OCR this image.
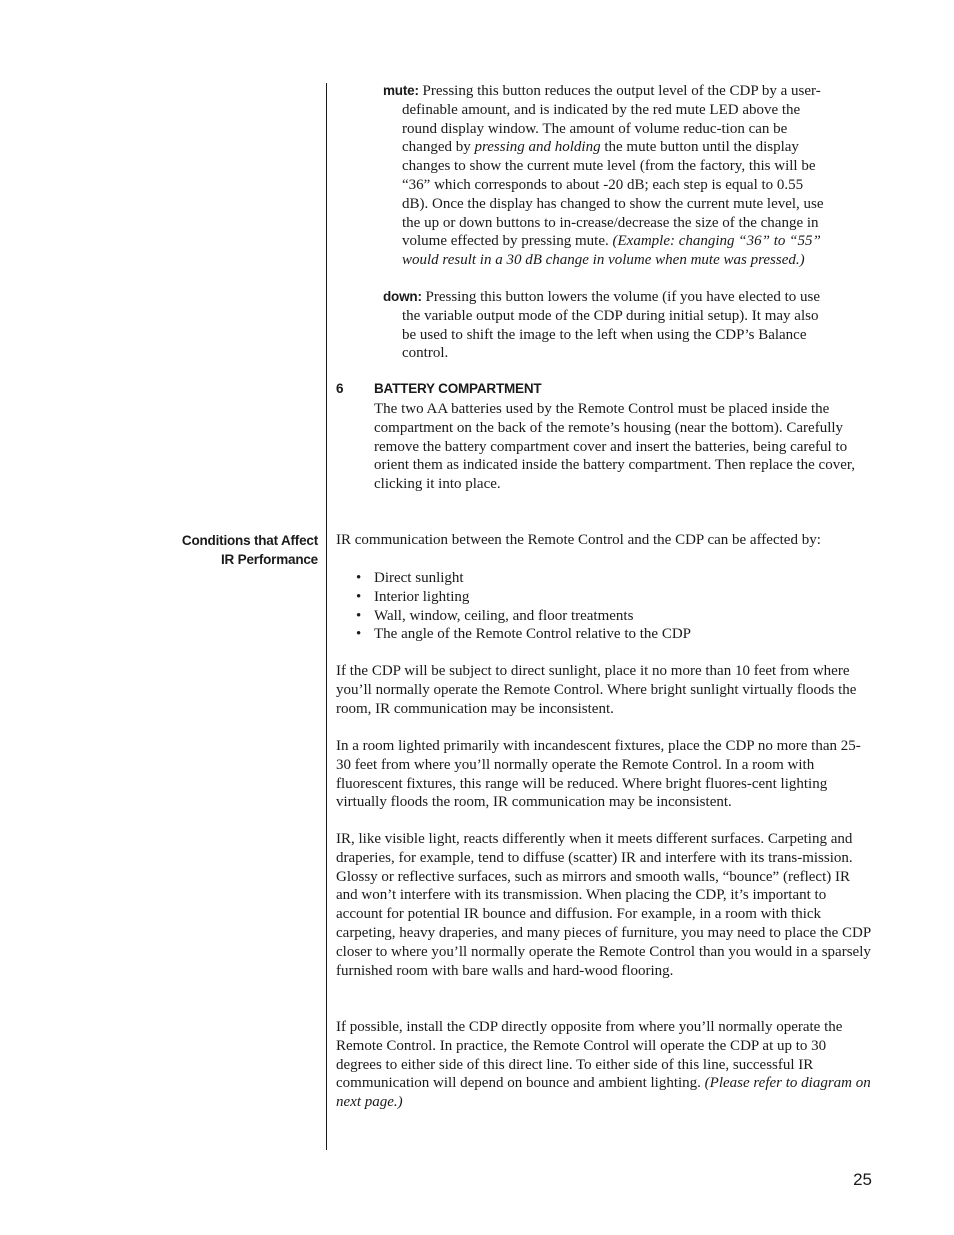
mute: Pressing this button reduces the output level of the CDP by a user-definable amount, and is indicated by the red mute LED above the round display window. The amount of volume reduc-tion can be changed by pressing and holding the mute button until the display changes to show the current mute level (from the factory, this will be “36” which corresponds to about -20 dB; each step is equal to 0.55 dB). Once the display has changed to show the current mute level, use the up or down buttons to in-crease/decrease the size of the change in volume effected by pressing mute. (Example: changing “36” to “55” would result in a 30 dB change in volume when mute was pressed.)

down: Pressing this button lowers the volume (if you have elected to use the variable output mode of the CDP during initial setup). It may also be used to shift the image to the left when using the CDP’s Balance control.

6 BATTERY COMPARTMENT

The two AA batteries used by the Remote Control must be placed inside the compartment on the back of the remote’s housing (near the bottom). Carefully remove the battery compartment cover and insert the batteries, being careful to orient them as indicated inside the battery compartment. Then replace the cover, clicking it into place.

Conditions that Affect
IR Performance

IR communication between the Remote Control and the CDP can be affected by:

• Direct sunlight
• Interior lighting
• Wall, window, ceiling, and floor treatments
• The angle of the Remote Control relative to the CDP

If the CDP will be subject to direct sunlight, place it no more than 10 feet from where you’ll normally operate the Remote Control. Where bright sunlight virtually floods the room, IR communication may be inconsistent.

In a room lighted primarily with incandescent fixtures, place the CDP no more than 25-30 feet from where you’ll normally operate the Remote Control. In a room with fluorescent fixtures, this range will be reduced. Where bright fluores-cent lighting virtually floods the room, IR communication may be inconsistent.

IR, like visible light, reacts differently when it meets different surfaces. Carpeting and draperies, for example, tend to diffuse (scatter) IR and interfere with its trans-mission. Glossy or reflective surfaces, such as mirrors and smooth walls, “bounce” (reflect) IR and won’t interfere with its transmission. When placing the CDP, it’s important to account for potential IR bounce and diffusion. For example, in a room with thick carpeting, heavy draperies, and many pieces of furniture, you may need to place the CDP closer to where you’ll normally operate the Remote Control than you would in a sparsely furnished room with bare walls and hard-wood flooring.

If possible, install the CDP directly opposite from where you’ll normally operate the Remote Control. In practice, the Remote Control will operate the CDP at up to 30 degrees to either side of this direct line. To either side of this line, successful IR communication will depend on bounce and ambient lighting. (Please refer to diagram on next page.)

25
